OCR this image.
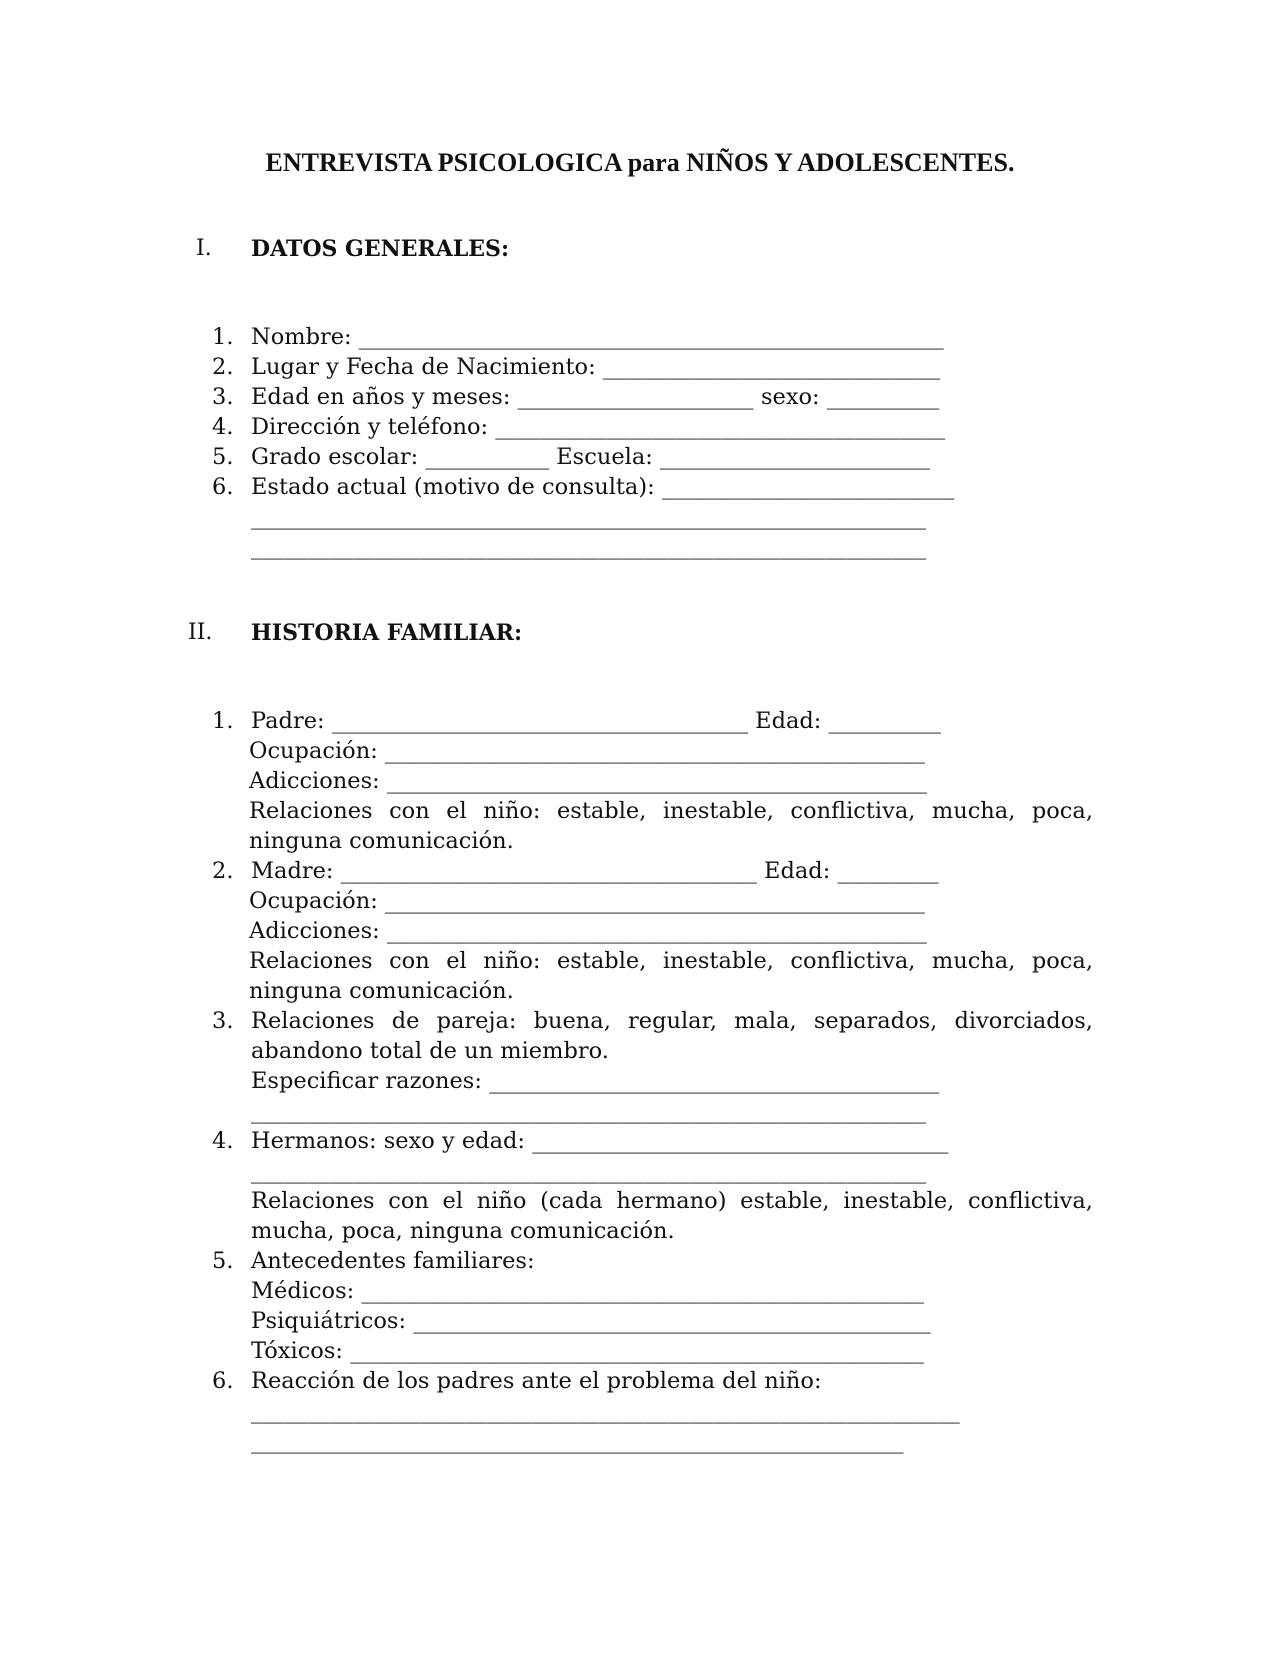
ENTREVISTA PSICOLOGICA para NIÑOS Y ADOLESCENTES.
I. DATOS GENERALES:
1. Nombre: ____________________________________________________
2. Lugar y Fecha de Nacimiento: ______________________________
3. Edad en años y meses: _____________________ sexo: __________
4. Dirección y teléfono: ________________________________________
5. Grado escolar: ___________ Escuela: ________________________
6. Estado actual (motivo de consulta): __________________________
____________________________________________________________
____________________________________________________________
II. HISTORIA FAMILIAR:
1. Padre: _____________________________________ Edad: __________
Ocupación: ________________________________________________
Adicciones: ________________________________________________
Relaciones con el niño: estable, inestable, conflictiva, mucha, poca,
ninguna comunicación.
2. Madre: _____________________________________ Edad: _________
Ocupación: ________________________________________________
Adicciones: ________________________________________________
Relaciones con el niño: estable, inestable, conflictiva, mucha, poca,
ninguna comunicación.
3. Relaciones de pareja: buena, regular, mala, separados, divorciados,
abandono total de un miembro.
Especificar razones: ________________________________________
____________________________________________________________
4. Hermanos: sexo y edad: _____________________________________
____________________________________________________________
Relaciones con el niño (cada hermano) estable, inestable, conflictiva,
mucha, poca, ninguna comunicación.
5. Antecedentes familiares:
Médicos: __________________________________________________
Psiquiátricos: ______________________________________________
Tóxicos: ___________________________________________________
6. Reacción de los padres ante el problema del niño:
_______________________________________________________________
__________________________________________________________
